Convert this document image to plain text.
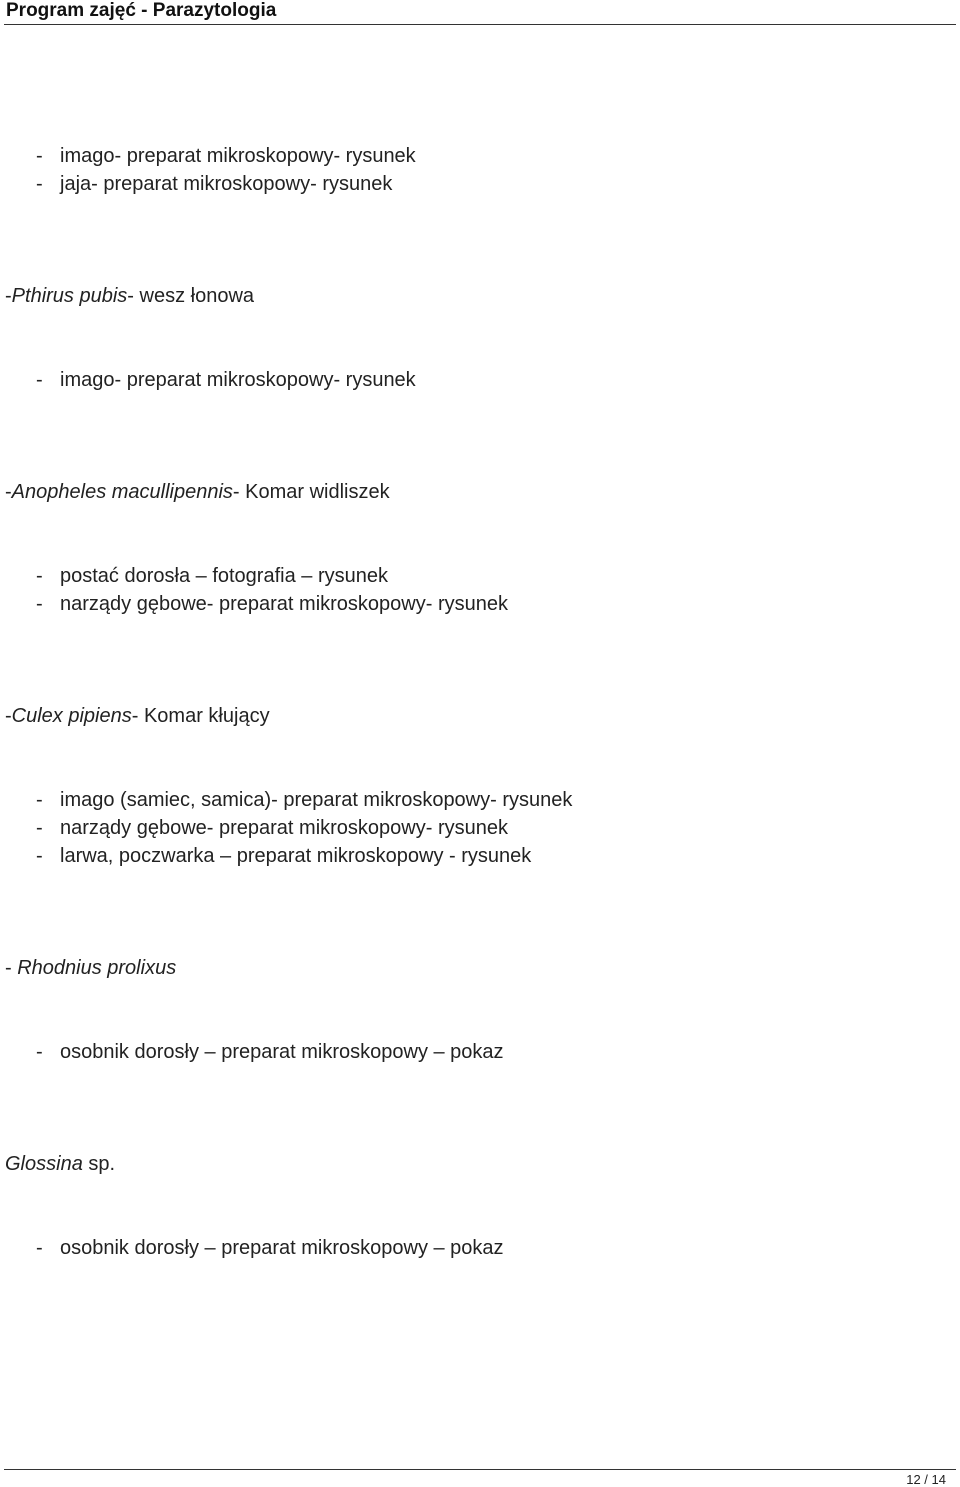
Program zajęć - Parazytologia
- imago- preparat mikroskopowy- rysunek
- jaja- preparat mikroskopowy- rysunek
-Pthirus pubis- wesz łonowa
- imago- preparat mikroskopowy- rysunek
-Anopheles macullipennis- Komar widliszek
- postać dorosła – fotografia – rysunek
- narządy gębowe- preparat mikroskopowy- rysunek
-Culex pipiens- Komar kłujący
- imago (samiec, samica)- preparat mikroskopowy- rysunek
- narządy gębowe- preparat mikroskopowy- rysunek
- larwa, poczwarka – preparat mikroskopowy - rysunek
- Rhodnius prolixus
- osobnik dorosły – preparat mikroskopowy – pokaz
Glossina sp.
- osobnik dorosły – preparat mikroskopowy – pokaz
12 / 14
